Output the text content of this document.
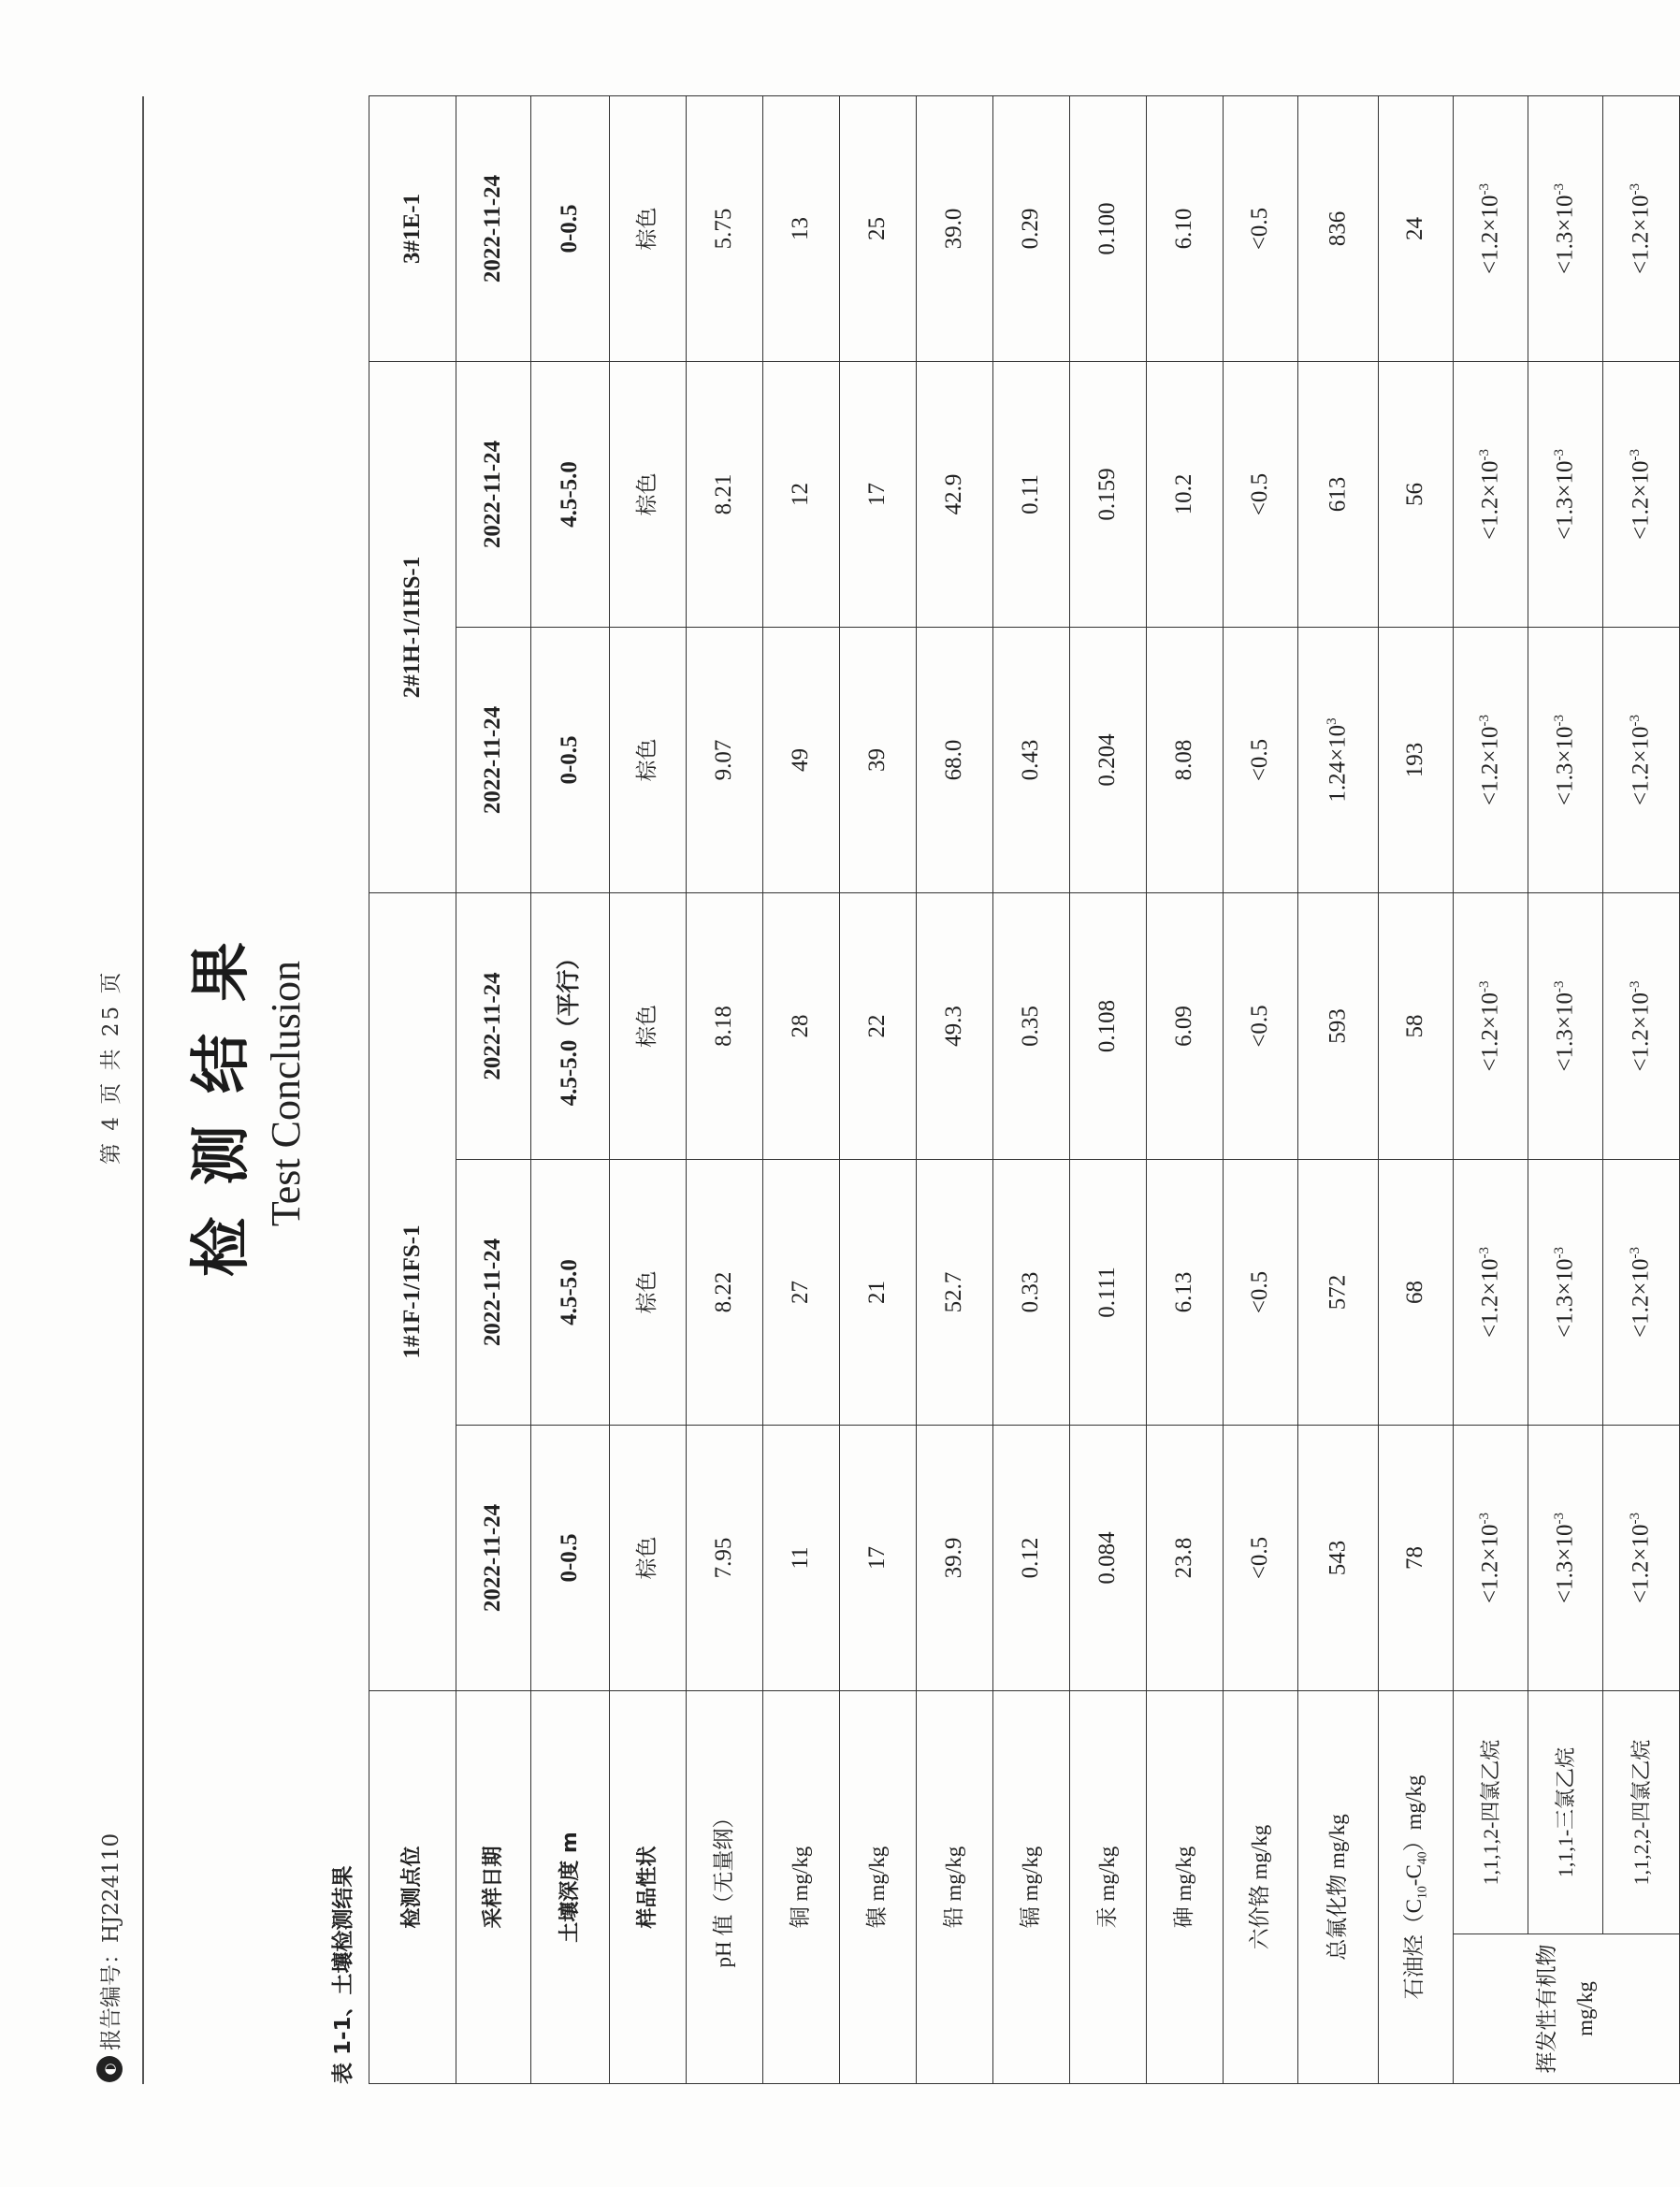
◐
报告编号：HJ224110
第 4 页 共 25 页 检测结果 Test Conclusion
表 1-1、土壤检测结果 检测点位		1#1F-1/1FS-1			2#1H-1/1HS-1		3#1E-1
采样日期		2022-11-24	2022-11-24	2022-11-24	2022-11-24	2022-11-24	2022-11-24
土壤深度 m		0-0.5	4.5-5.0	4.5-5.0（平行）	0-0.5	4.5-5.0	0-0.5
样品性状		棕色	棕色	棕色	棕色	棕色	棕色
pH 值（无量纲）		7.95	8.22	8.18	9.07	8.21	5.75
铜 mg/kg		11	27	28	49	12	13
镍 mg/kg		17	21	22	39	17	25
铅 mg/kg		39.9	52.7	49.3	68.0	42.9	39.0
镉 mg/kg		0.12	0.33	0.35	0.43	0.11	0.29
汞 mg/kg		0.084	0.111	0.108	0.204	0.159	0.100
砷 mg/kg		23.8	6.13	6.09	8.08	10.2	6.10
六价铬 mg/kg		<0.5	<0.5	<0.5	<0.5	<0.5	<0.5
总氟化物 mg/kg		543	572	593	$1.24\times 10^3$	613	836
石油烃$(C_{10}-C_{40})mg/kg$		78	68	58	193	56	24
挥发性有机物 mg/kg	1,1,1,2-四氯乙烷	$<1.2\times 10^{-3}$	$<1.2\times 10^{-3}$	$<1.2\times 10^{-3}$	$<1.2\times 10^{-3}$	$<1.2\times 10^{-3}$	$<1.2\times 10^{-3}$
	1,1,1-三氯乙烷	$<1.3\times 10^{-3}$	$<1.3\times 10^{-3}$	$<1.3\times 10^{-3}$	$<1.3\times 10^{-3}$	$<1.3\times 10^{-3}$	$<1.3\times 10^{-3}$
	1,1,2,2-四氯乙烷	$<1.2\times 10^{-3}$	$<1.2\times 10^{-3}$	$<1.2\times 10^{-3}$	$<1.2\times 10^{-3}$	$<1.2\times 10^{-3}$	$<1.2\times 10^{-3}$
